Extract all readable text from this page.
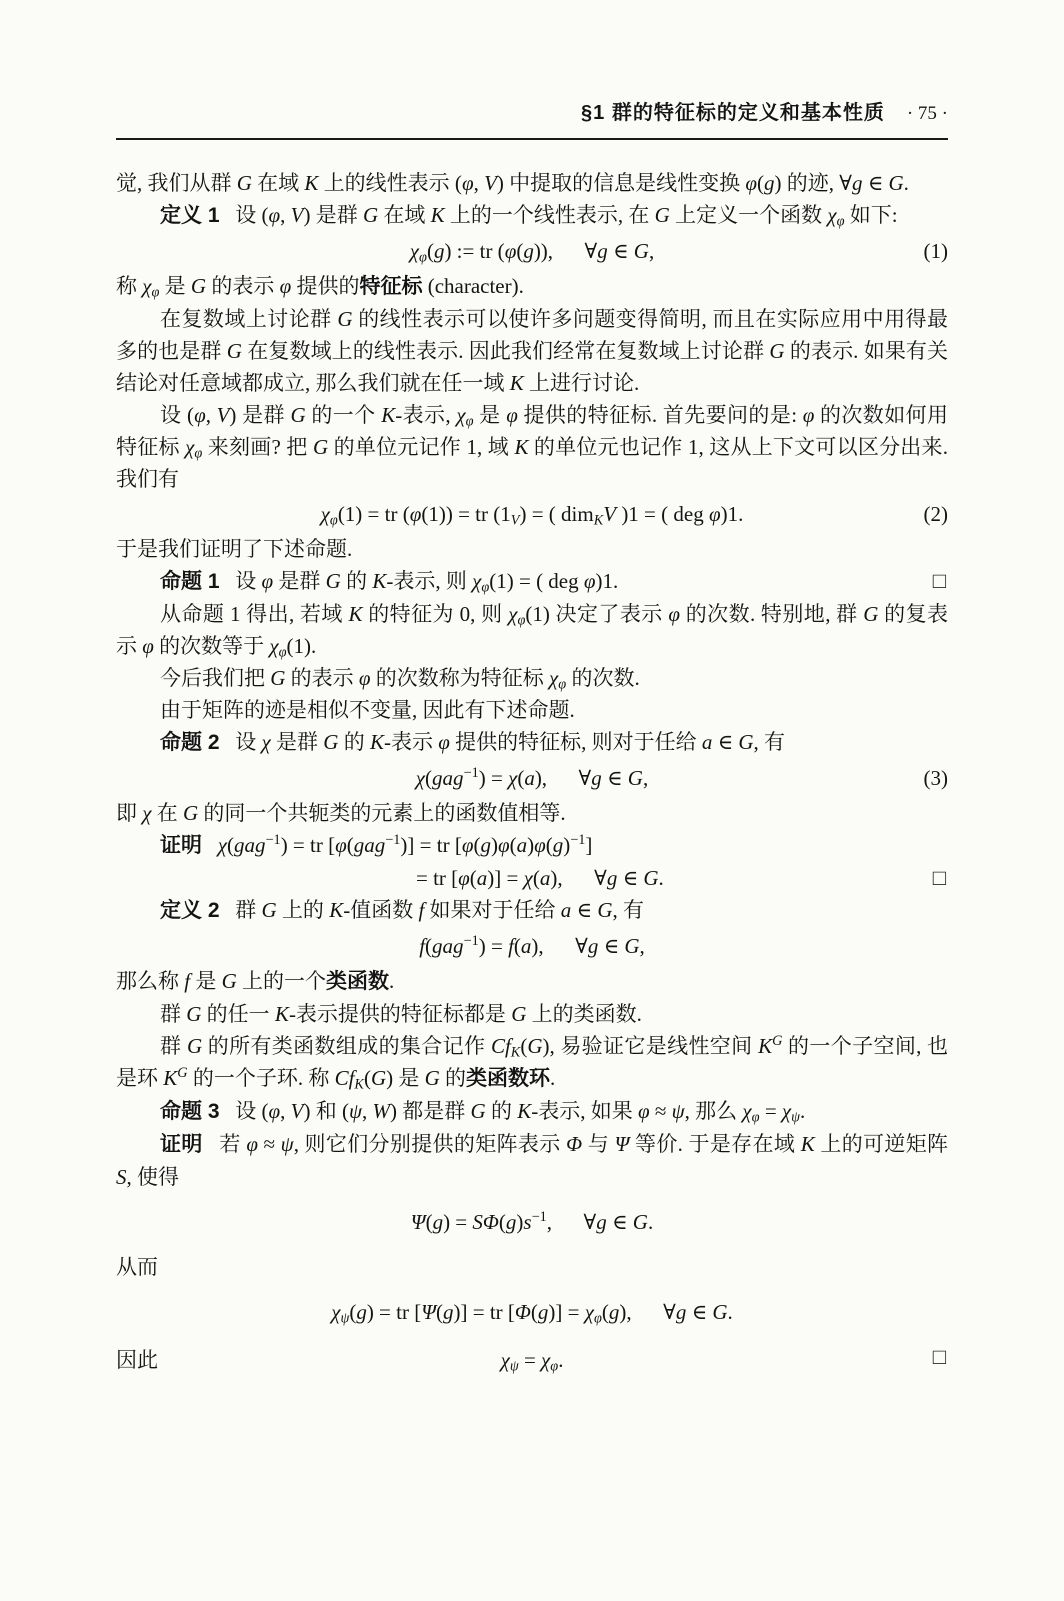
§1 群的特征标的定义和基本性质 · 75 ·
觉, 我们从群 G 在域 K 上的线性表示 (φ, V) 中提取的信息是线性变换 φ(g) 的迹, ∀g ∈ G.
定义 1   设 (φ, V) 是群 G 在域 K 上的一个线性表示, 在 G 上定义一个函数 $\chi_\varphi$ 如下:
$\chi_\varphi(g)$ := tr (φ(g)),   ∀g ∈ G,	(1)
称 $\chi_\varphi$ 是 G 的表示 φ 提供的特征标 (character).
在复数域上讨论群 G 的线性表示可以使许多问题变得简明, 而且在实际应用中用得最多的也是群 G 在复数域上的线性表示. 因此我们经常在复数域上讨论群 G 的表示. 如果有关结论对任意域都成立, 那么我们就在任一域 K 上进行讨论.
设 (φ, V) 是群 G 的一个 K-表示, $\chi_\varphi$ 是 φ 提供的特征标. 首先要问的是: φ 的次数如何用特征标 $\chi_\varphi$ 来刻画? 把 G 的单位元记作 1, 域 K 的单位元也记作 1, 这从上下文可以区分出来. 我们有
$\chi_\varphi(1)$ = tr (φ(1)) = tr $(1_V)$ = ( dim$_K$V )1 = ( deg φ)1.	(2)
于是我们证明了下述命题.
命题 1   设 φ 是群 G 的 K-表示, 则 $\chi_\varphi(1)$ = ( deg φ)1.	□
从命题 1 得出, 若域 K 的特征为 0, 则 $\chi_\varphi(1)$ 决定了表示 φ 的次数. 特别地, 群 G 的复表示 φ 的次数等于 $\chi_\varphi(1)$.
今后我们把 G 的表示 φ 的次数称为特征标 $\chi_\varphi$ 的次数.
由于矩阵的迹是相似不变量, 因此有下述命题.
命题 2   设 χ 是群 G 的 K-表示 φ 提供的特征标, 则对于任给 a ∈ G, 有
χ(gag$^{-1}$) = χ(a),   ∀g ∈ G,	(3)
即 χ 在 G 的同一个共轭类的元素上的函数值相等.
证明 χ(gag$^{-1}$) = tr [φ(gag$^{-1}$)] = tr $[\varphi(g)\varphi(a)\varphi(g)^{-1}]$
= tr [φ(a)] = χ(a),   ∀g ∈ G.	□
定义 2   群 G 上的 K-值函数 f 如果对于任给 a ∈ G, 有
f(gag$^{-1}$) = f(a),   ∀g ∈ G,
那么称 f 是 G 上的一个类函数.
群 G 的任一 K-表示提供的特征标都是 G 上的类函数.
群 G 的所有类函数组成的集合记作 $Cf_K(G)$, 易验证它是线性空间 $K^G$ 的一个子空间, 也是环 $K^G$ 的一个子环. 称 $Cf_K(G)$ 是 G 的类函数环.
命题 3   设 (φ, V) 和 (ψ, W) 都是群 G 的 K-表示, 如果 φ ≈ ψ, 那么 $\chi_\varphi = \chi_\psi$.
证明   若 φ ≈ ψ, 则它们分别提供的矩阵表示 Φ 与 Ψ 等价. 于是存在域 K 上的可逆矩阵 S, 使得
$\Psi(g) = S\Phi(g)s^{-1}$,   ∀g ∈ G.
从而
$\chi_\psi(g)$ = tr [Ψ(g)] = tr $[\Phi(g)] = \chi_\varphi(g)$,   ∀g ∈ G.
因此	$\chi_\psi = \chi_\varphi$.	□
